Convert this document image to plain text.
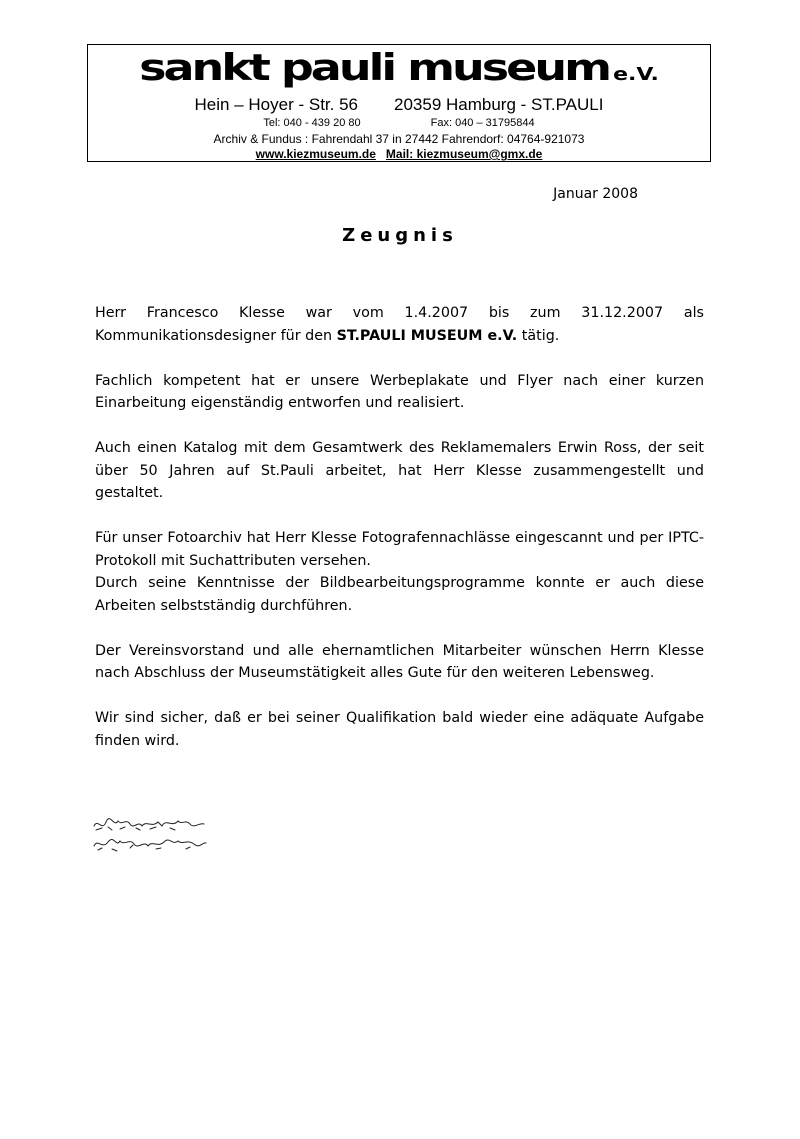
sankt pauli museum e.V.
Hein – Hoyer - Str. 56 20359 Hamburg - ST.PAULI
Tel: 040 - 439 20 80	Fax: 040 – 31795844
Archiv & Fundus : Fahrendahl 37 in 27442 Fahrendorf: 04764-921073
www.kiezmuseum.de Mail: kiezmuseum@gmx.de
Januar 2008
Zeugnis

Herr Francesco Klesse war vom 1.4.2007 bis zum 31.12.2007 als Kommunikationsdesigner für den ST.PAULI MUSEUM e.V. tätig.

Fachlich kompetent hat er unsere Werbeplakate und Flyer nach einer kurzen Einarbeitung eigenständig entworfen und realisiert.

Auch einen Katalog mit dem Gesamtwerk des Reklamemalers Erwin Ross, der seit über 50 Jahren auf St.Pauli arbeitet, hat Herr Klesse zusammengestellt und gestaltet.

Für unser Fotoarchiv hat Herr Klesse Fotografennachlässe eingescannt und per IPTC-Protokoll mit Suchattributen versehen.

Durch seine Kenntnisse der Bildbearbeitungsprogramme konnte er auch diese Arbeiten selbstständig durchführen.

Der Vereinsvorstand und alle ehernamtlichen Mitarbeiter wünschen Herrn Klesse nach Abschluss der Museumstätigkeit alles Gute für den weiteren Lebensweg.

Wir sind sicher, daß er bei seiner Qualifikation bald wieder eine adäquate Aufgabe finden wird.
